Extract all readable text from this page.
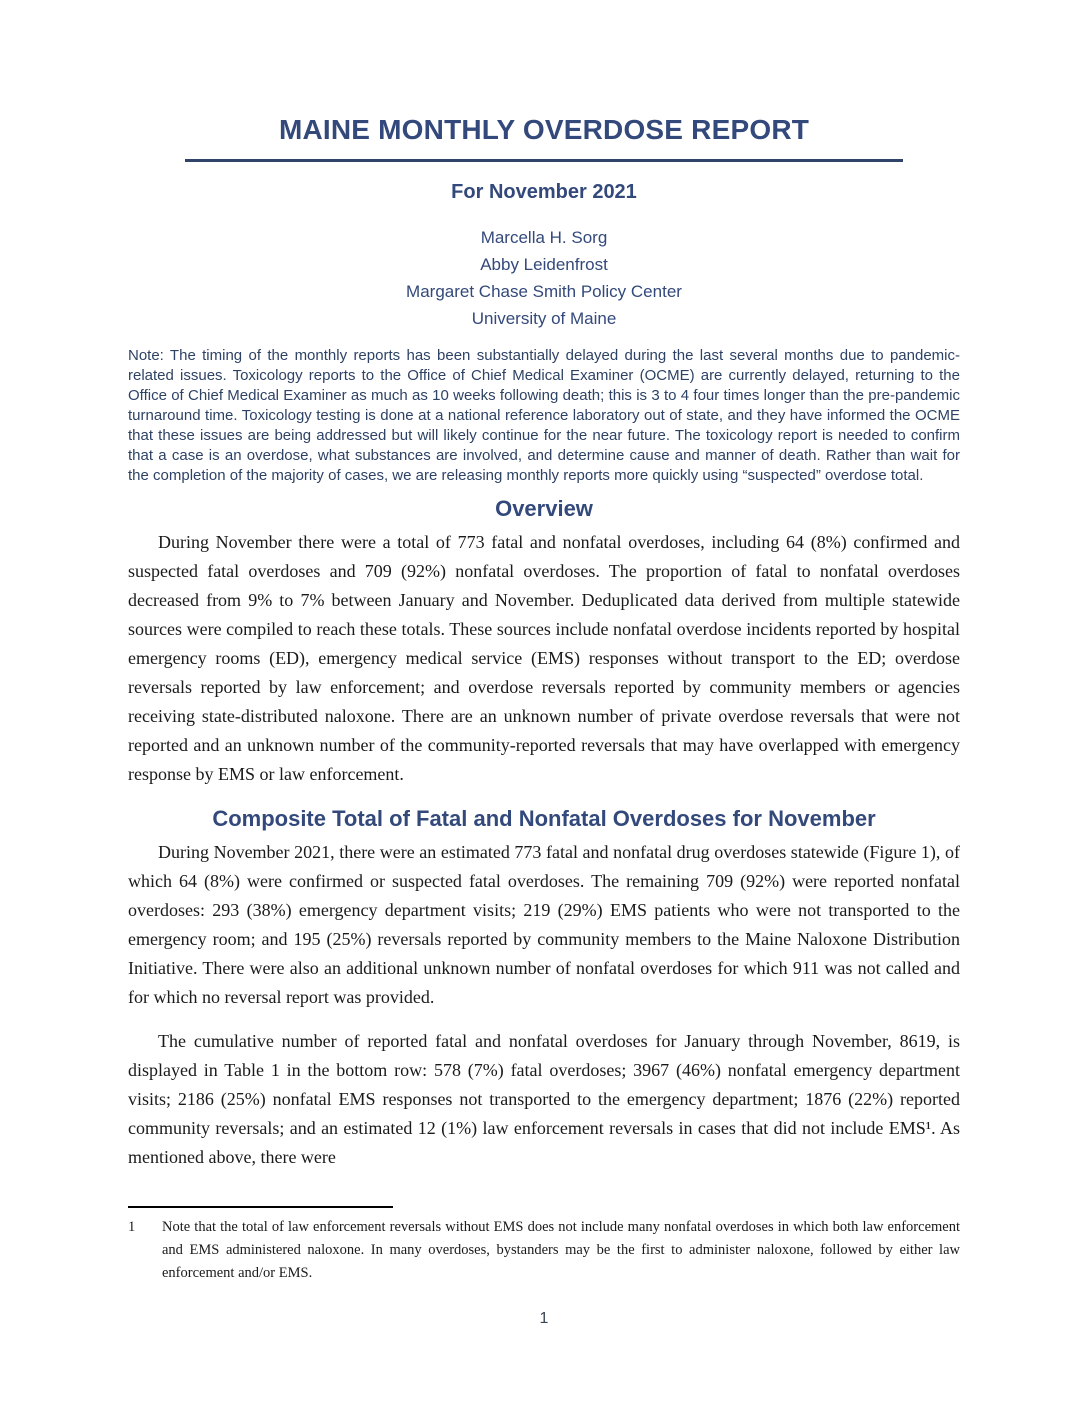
MAINE MONTHLY OVERDOSE REPORT
For November 2021
Marcella H. Sorg
Abby Leidenfrost
Margaret Chase Smith Policy Center
University of Maine

Note: The timing of the monthly reports has been substantially delayed during the last several months due to pandemic-related issues. Toxicology reports to the Office of Chief Medical Examiner (OCME) are currently delayed, returning to the Office of Chief Medical Examiner as much as 10 weeks following death; this is 3 to 4 four times longer than the pre-pandemic turnaround time. Toxicology testing is done at a national reference laboratory out of state, and they have informed the OCME that these issues are being addressed but will likely continue for the near future. The toxicology report is needed to confirm that a case is an overdose, what substances are involved, and determine cause and manner of death. Rather than wait for the completion of the majority of cases, we are releasing monthly reports more quickly using “suspected” overdose total.

Overview

During November there were a total of 773 fatal and nonfatal overdoses, including 64 (8%) confirmed and suspected fatal overdoses and 709 (92%) nonfatal overdoses. The proportion of fatal to nonfatal overdoses decreased from 9% to 7% between January and November. Deduplicated data derived from multiple statewide sources were compiled to reach these totals. These sources include nonfatal overdose incidents reported by hospital emergency rooms (ED), emergency medical service (EMS) responses without transport to the ED; overdose reversals reported by law enforcement; and overdose reversals reported by community members or agencies receiving state-distributed naloxone. There are an unknown number of private overdose reversals that were not reported and an unknown number of the community-reported reversals that may have overlapped with emergency response by EMS or law enforcement.

Composite Total of Fatal and Nonfatal Overdoses for November

During November 2021, there were an estimated 773 fatal and nonfatal drug overdoses statewide (Figure 1), of which 64 (8%) were confirmed or suspected fatal overdoses. The remaining 709 (92%) were reported nonfatal overdoses: 293 (38%) emergency department visits; 219 (29%) EMS patients who were not transported to the emergency room; and 195 (25%) reversals reported by community members to the Maine Naloxone Distribution Initiative. There were also an additional unknown number of nonfatal overdoses for which 911 was not called and for which no reversal report was provided.

The cumulative number of reported fatal and nonfatal overdoses for January through November, 8619, is displayed in Table 1 in the bottom row: 578 (7%) fatal overdoses; 3967 (46%) nonfatal emergency department visits; 2186 (25%) nonfatal EMS responses not transported to the emergency department; 1876 (22%) reported community reversals; and an estimated 12 (1%) law enforcement reversals in cases that did not include EMS¹. As mentioned above, there were

1	Note that the total of law enforcement reversals without EMS does not include many nonfatal overdoses in which both law enforcement and EMS administered naloxone. In many overdoses, bystanders may be the first to administer naloxone, followed by either law enforcement and/or EMS.
1
